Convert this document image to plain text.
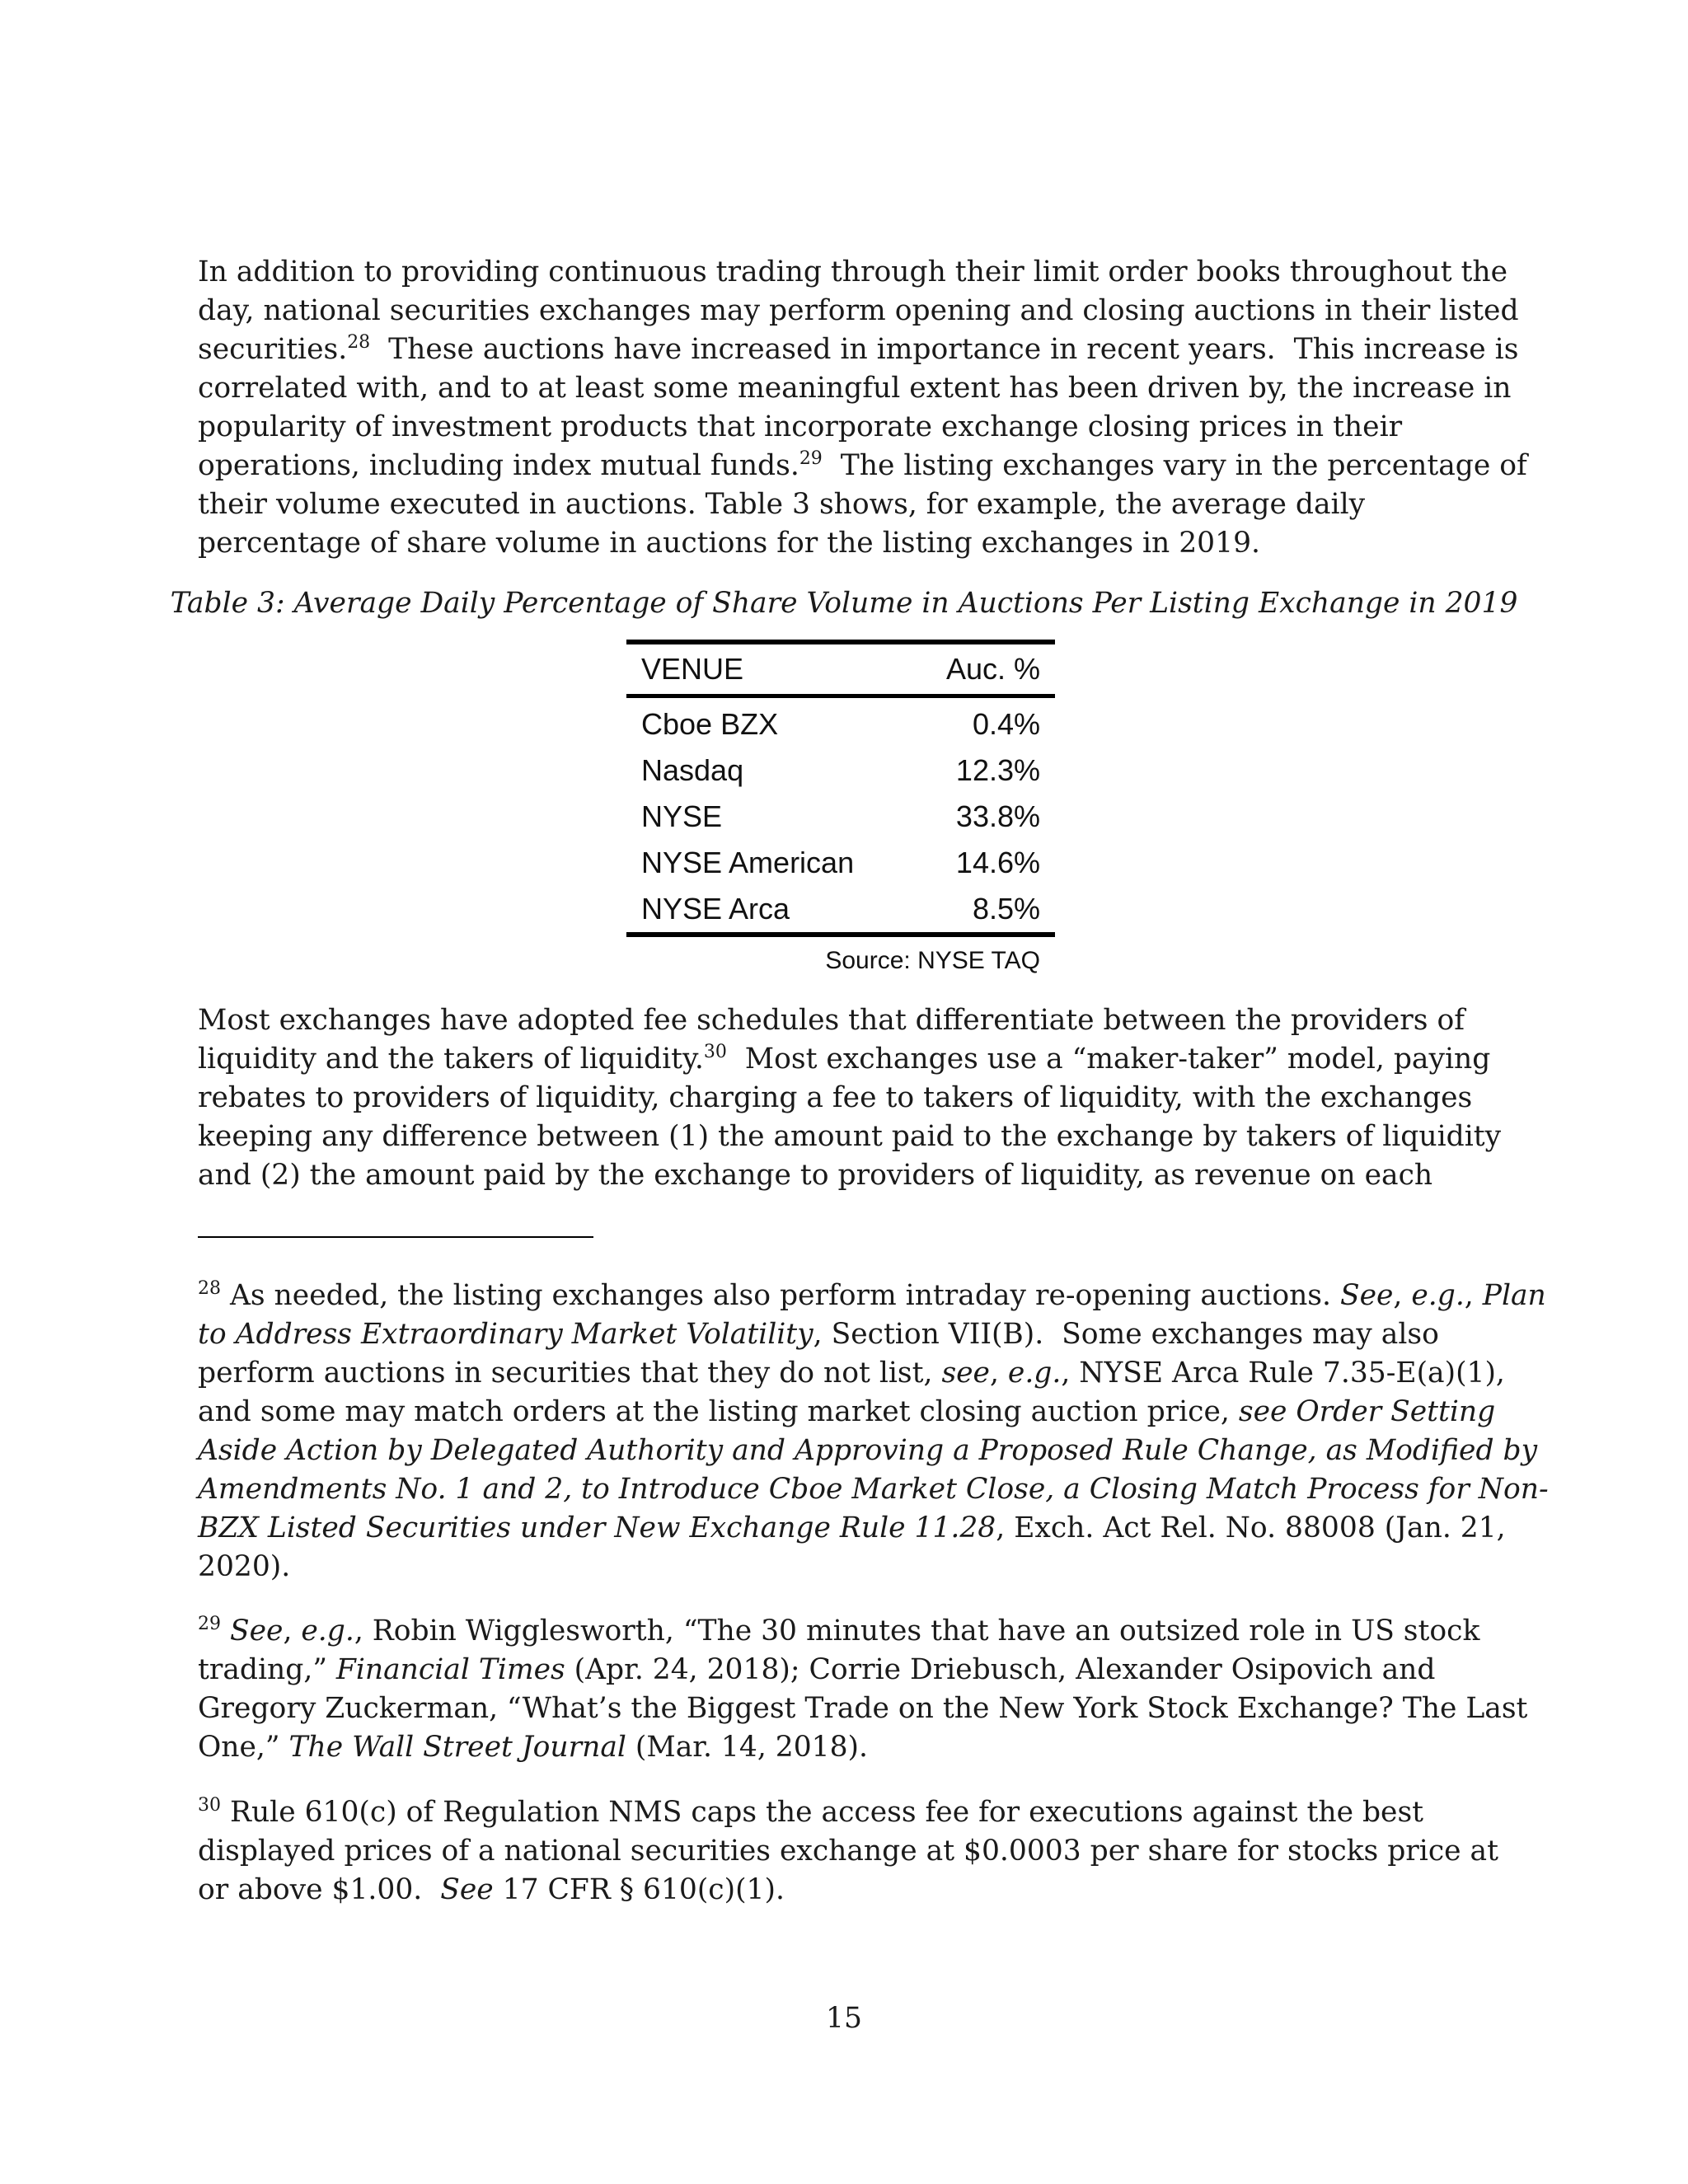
In addition to providing continuous trading through their limit order books throughout the
day, national securities exchanges may perform opening and closing auctions in their listed
securities.$^{28}$  These auctions have increased in importance in recent years.  This increase is
correlated with, and to at least some meaningful extent has been driven by, the increase in
popularity of investment products that incorporate exchange closing prices in their
operations, including index mutual funds.$^{29}$  The listing exchanges vary in the percentage of
their volume executed in auctions. Table 3 shows, for example, the average daily
percentage of share volume in auctions for the listing exchanges in 2019.
Table 3: Average Daily Percentage of Share Volume in Auctions Per Listing Exchange in 2019
VENUE	Auc. %
Cboe BZX	0.4%
Nasdaq	12.3%
NYSE	33.8%
NYSE American	14.6%
NYSE Arca	8.5%
Source: NYSE TAQ
Most exchanges have adopted fee schedules that differentiate between the providers of
liquidity and the takers of liquidity.$^{30}$  Most exchanges use a “maker-taker” model, paying
rebates to providers of liquidity, charging a fee to takers of liquidity, with the exchanges
keeping any difference between (1) the amount paid to the exchange by takers of liquidity
and (2) the amount paid by the exchange to providers of liquidity, as revenue on each
$^{28}$ As needed, the listing exchanges also perform intraday re-opening auctions. See, e.g., Plan
to Address Extraordinary Market Volatility, Section VII(B).  Some exchanges may also
perform auctions in securities that they do not list, see, e.g., NYSE Arca Rule 7.35-E(a)(1),
and some may match orders at the listing market closing auction price, see Order Setting
Aside Action by Delegated Authority and Approving a Proposed Rule Change, as Modified by
Amendments No. 1 and 2, to Introduce Cboe Market Close, a Closing Match Process for Non-
BZX Listed Securities under New Exchange Rule 11.28, Exch. Act Rel. No. 88008 (Jan. 21,
2020).
$^{29}$ See, e.g., Robin Wigglesworth, “The 30 minutes that have an outsized role in US stock
trading,” Financial Times (Apr. 24, 2018); Corrie Driebusch, Alexander Osipovich and
Gregory Zuckerman, “What’s the Biggest Trade on the New York Stock Exchange? The Last
One,” The Wall Street Journal (Mar. 14, 2018).
$^{30}$ Rule 610(c) of Regulation NMS caps the access fee for executions against the best
displayed prices of a national securities exchange at $0.0003 per share for stocks price at
or above $1.00.  See 17 CFR § 610(c)(1).
15
